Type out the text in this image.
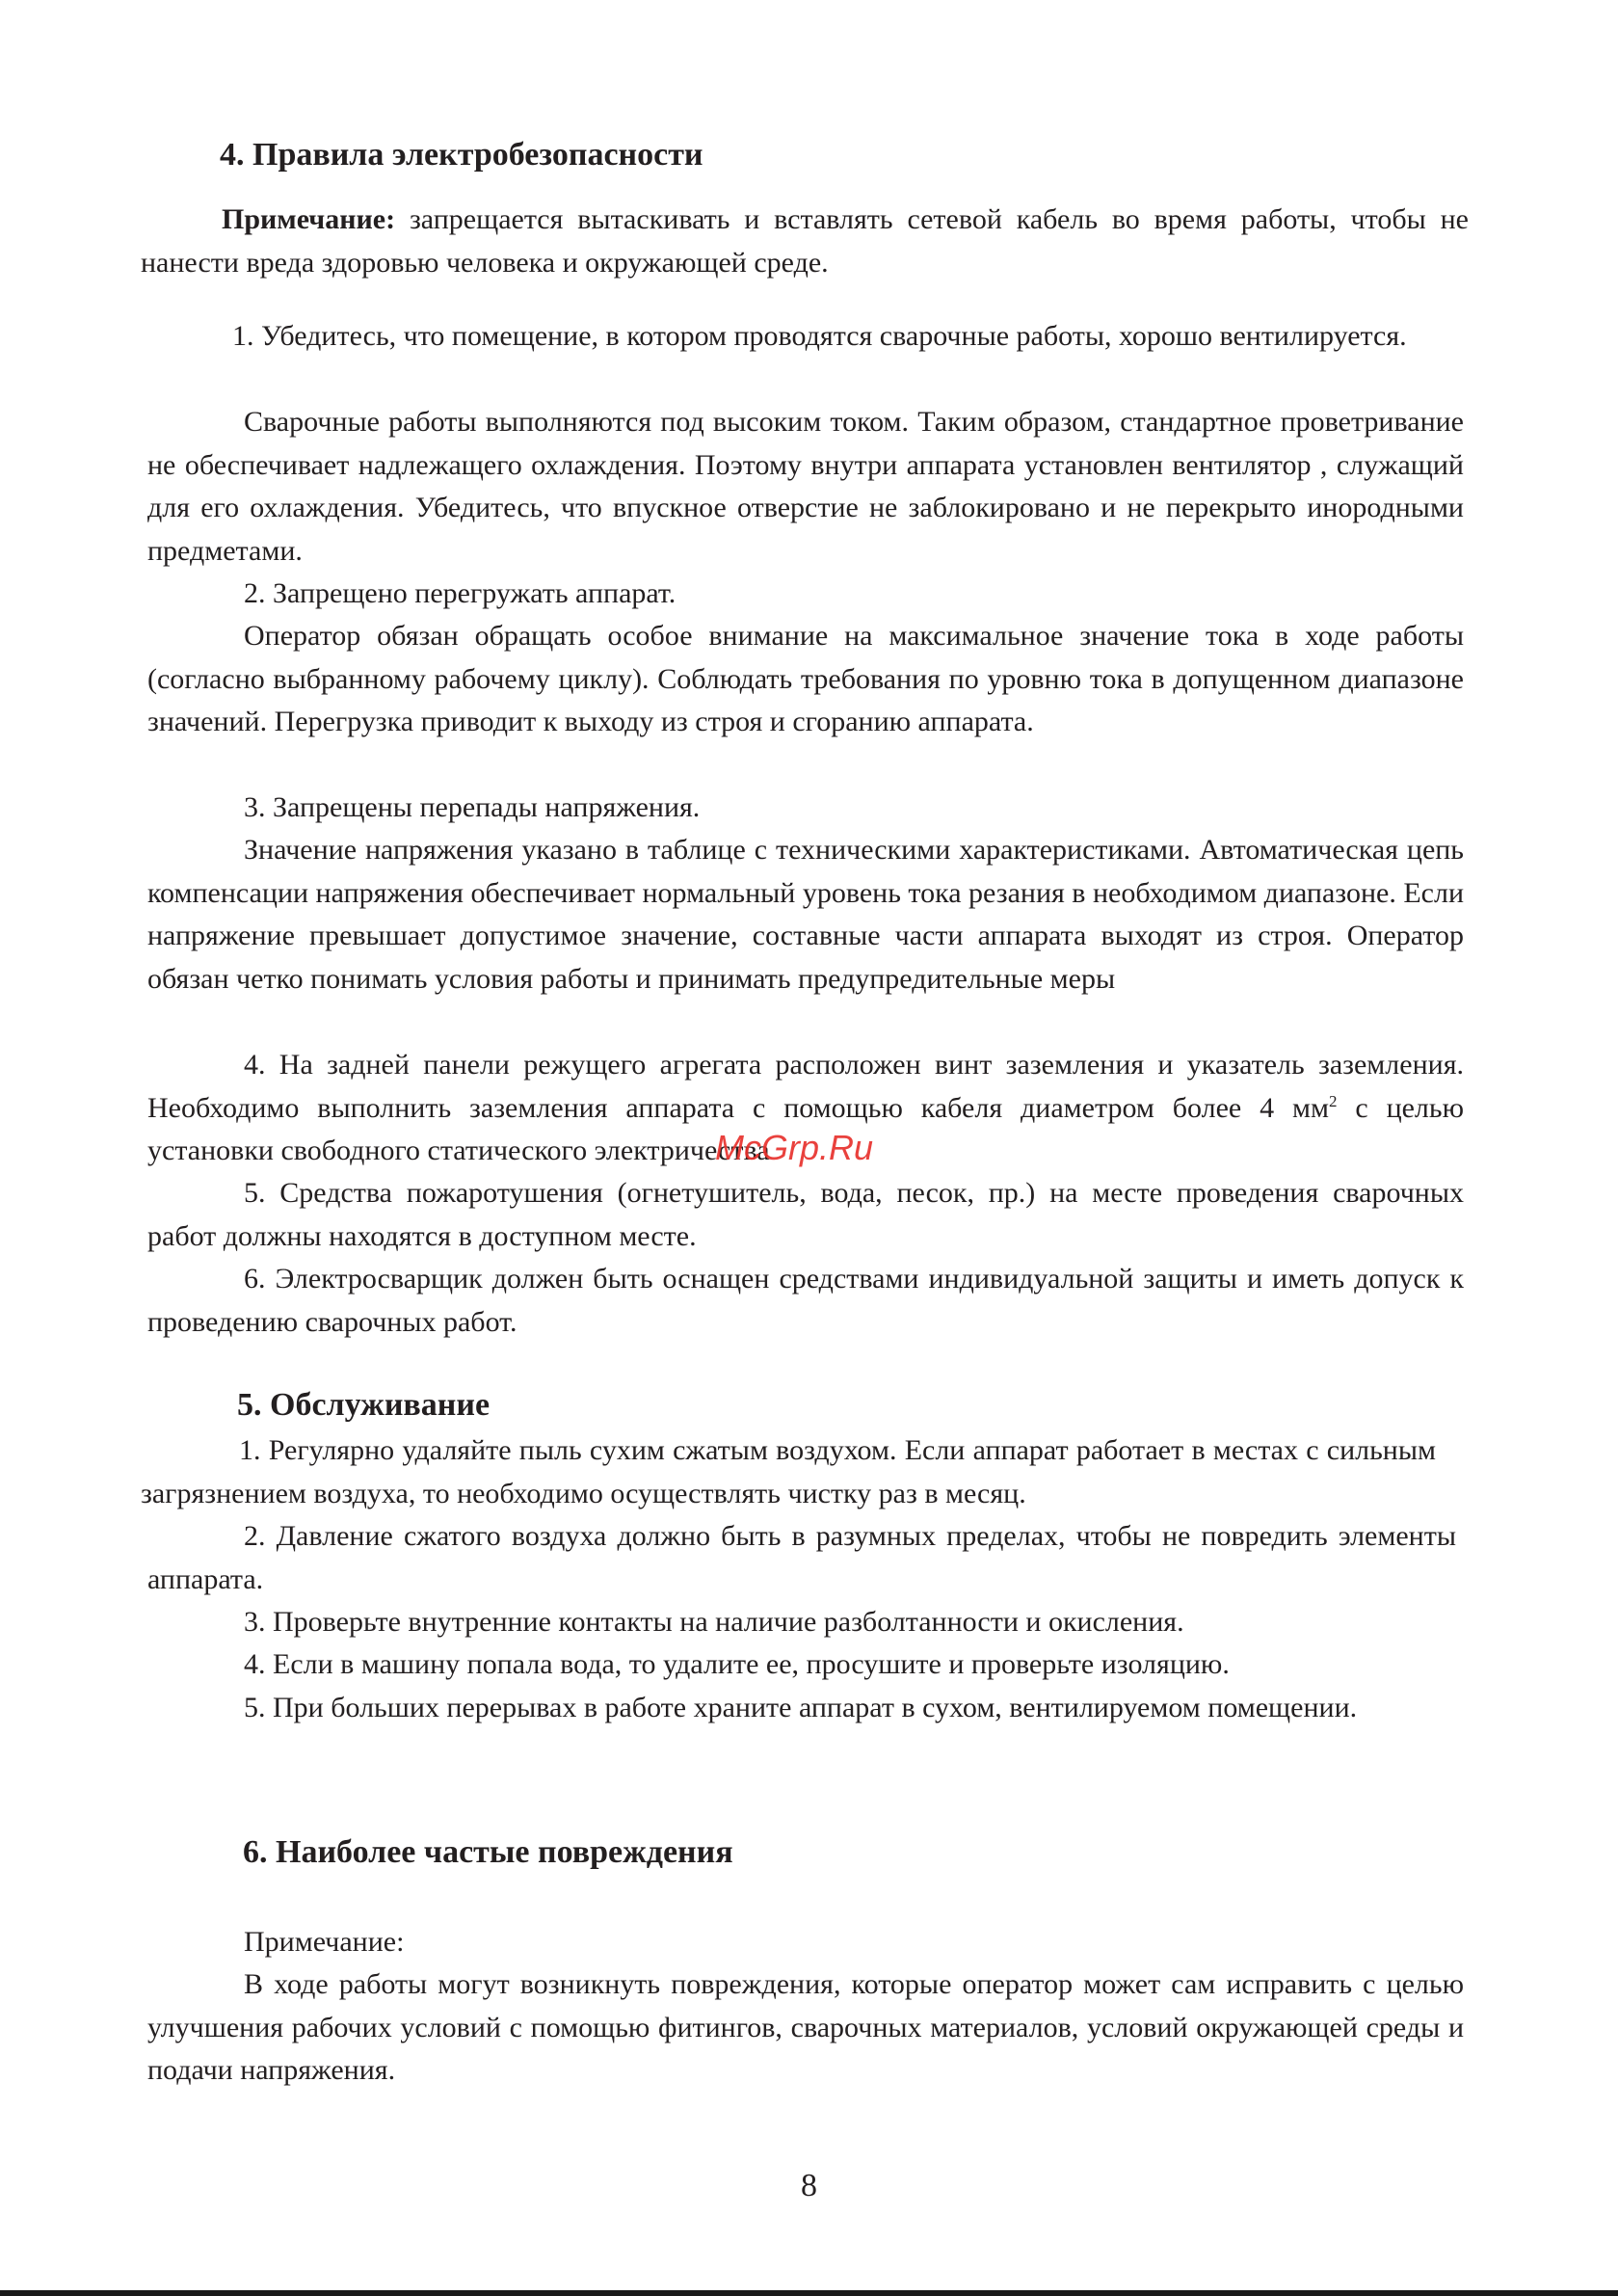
4. Правила электробезопасности

Примечание: запрещается вытаскивать и вставлять сетевой кабель во время работы, чтобы не нанести вреда здоровью человека и окружающей среде.

1. Убедитесь, что помещение, в котором проводятся сварочные работы, хорошо вентилируется.

Сварочные работы выполняются под высоким током. Таким образом, стандартное проветривание не обеспечивает надлежащего охлаждения. Поэтому внутри аппарата установлен вентилятор , служащий для его охлаждения. Убедитесь, что впускное отверстие не заблокировано и не перекрыто инородными предметами.

2. Запрещено перегружать аппарат.

Оператор обязан обращать особое внимание на максимальное значение тока в ходе работы (согласно выбранному рабочему циклу). Соблюдать требования по уровню тока в допущенном диапазоне значений. Перегрузка приводит к выходу из строя и сгоранию аппарата.

3. Запрещены перепады напряжения.

Значение напряжения указано в таблице с техническими характеристиками. Автоматическая цепь компенсации напряжения обеспечивает нормальный уровень тока резания в необходимом диапазоне. Если напряжение превышает допустимое значение, составные части аппарата выходят из строя. Оператор обязан четко понимать условия работы и принимать предупредительные меры

4. На задней панели режущего агрегата расположен винт заземления и указатель заземления. Необходимо выполнить заземления аппарата с помощью кабеля диаметром более 4 $мм^2$ с целью установки свободного статического электричества

McGrp.Ru

5. Средства пожаротушения (огнетушитель, вода, песок, пр.) на месте проведения сварочных работ должны находятся в доступном месте.

6. Электросварщик должен быть оснащен средствами индивидуальной защиты и иметь допуск к проведению сварочных работ.

5. Обслуживание

1. Регулярно удаляйте пыль сухим сжатым воздухом. Если аппарат работает в местах с сильным загрязнением воздуха, то необходимо осуществлять чистку раз в месяц.

2. Давление сжатого воздуха должно быть в разумных пределах, чтобы не повредить элементы аппарата.

3. Проверьте внутренние контакты на наличие разболтанности и окисления.

4. Если в машину попала вода, то удалите ее, просушите и проверьте изоляцию.

5. При больших перерывах в работе храните аппарат в сухом, вентилируемом помещении.

6. Наиболее частые повреждения

Примечание:

В ходе работы могут возникнуть повреждения, которые оператор может сам исправить с целью улучшения рабочих условий с помощью фитингов, сварочных материалов, условий окружающей среды и подачи напряжения.

8
